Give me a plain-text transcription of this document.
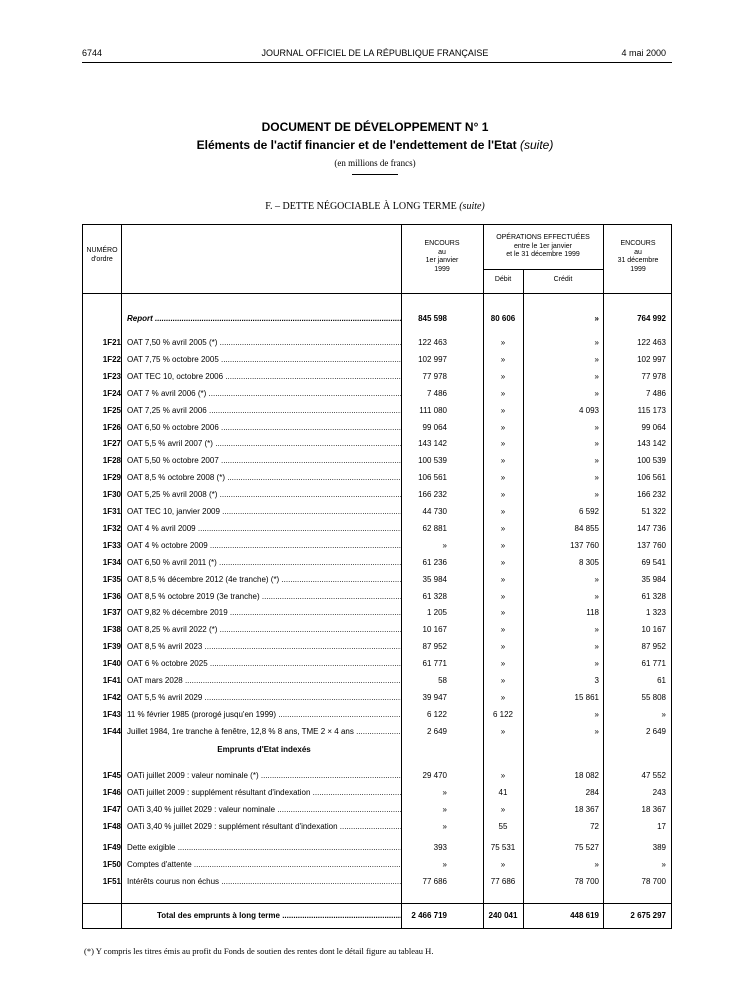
6744	JOURNAL OFFICIEL DE LA RÉPUBLIQUE FRANÇAISE	4 mai 2000
DOCUMENT DE DÉVELOPPEMENT N° 1
Eléments de l'actif financier et de l'endettement de l'Etat (suite)
(en millions de francs)
F. – DETTE NÉGOCIABLE À LONG TERME (suite)
NUMÉRO
d'ordre
ENCOURS
au
1er janvier
1999
OPÉRATIONS EFFECTUÉES
entre le 1er janvier
et le 31 décembre 1999
Débit	Crédit
ENCOURS
au
31 décembre
1999
Report .....	845 598	80 606	»	764 992
1F21 OAT 7,50 % avril 2005 (*) .....	122 463	»	»	122 463
1F22 OAT 7,75 % octobre 2005 .....	102 997	»	»	102 997
1F23 OAT TEC 10, octobre 2006 .....	77 978	»	»	77 978
1F24 OAT 7 % avril 2006 (*) .....	7 486	»	»	7 486
1F25 OAT 7,25 % avril 2006 .....	111 080	»	4 093	115 173
1F26 OAT 6,50 % octobre 2006 .....	99 064	»	»	99 064
1F27 OAT 5,5 % avril 2007 (*) .....	143 142	»	»	143 142
1F28 OAT 5,50 % octobre 2007 .....	100 539	»	»	100 539
1F29 OAT 8,5 % octobre 2008 (*) .....	106 561	»	»	106 561
1F30 OAT 5,25 % avril 2008 (*) .....	166 232	»	»	166 232
1F31 OAT TEC 10, janvier 2009 .....	44 730	»	6 592	51 322
1F32 OAT 4 % avril 2009 .....	62 881	»	84 855	147 736
1F33 OAT 4 % octobre 2009 .....	»	»	137 760	137 760
1F34 OAT 6,50 % avril 2011 (*) .....	61 236	»	8 305	69 541
1F35 OAT 8,5 % décembre 2012 (4e tranche) (*) .....	35 984	»	»	35 984
1F36 OAT 8,5 % octobre 2019 (3e tranche) .....	61 328	»	»	61 328
1F37 OAT 9,82 % décembre 2019 .....	1 205	»	118	1 323
1F38 OAT 8,25 % avril 2022 (*) .....	10 167	»	»	10 167
1F39 OAT 8,5 % avril 2023 .....	87 952	»	»	87 952
1F40 OAT 6 % octobre 2025 .....	61 771	»	»	61 771
1F41 OAT mars 2028 .....	58	»	3	61
1F42 OAT 5,5 % avril 2029 .....	39 947	»	15 861	55 808
1F43 11 % février 1985 (prorogé jusqu'en 1999) .....	6 122	6 122	»	»
1F44 Juillet 1984, 1re tranche à fenêtre, 12,8 % 8 ans, TME 2 × 4 ans .....	2 649	»	»	2 649
Emprunts d'Etat indexés
1F45 OATi juillet 2009 : valeur nominale (*) .....	29 470	»	18 082	47 552
1F46 OATi juillet 2009 : supplément résultant d'indexation .....	»	41	284	243
1F47 OATi 3,40 % juillet 2029 : valeur nominale .....	»	»	18 367	18 367
1F48 OATi 3,40 % juillet 2029 : supplément résultant d'indexation .....	»	55	72	17
1F49 Dette exigible .....	393	75 531	75 527	389
1F50 Comptes d'attente .....	»	»	»	»
1F51 Intérêts courus non échus .....	77 686	77 686	78 700	78 700
Total des emprunts à long terme .....	2 466 719	240 041	448 619	2 675 297
(*) Y compris les titres émis au profit du Fonds de soutien des rentes dont le détail figure au tableau H.
